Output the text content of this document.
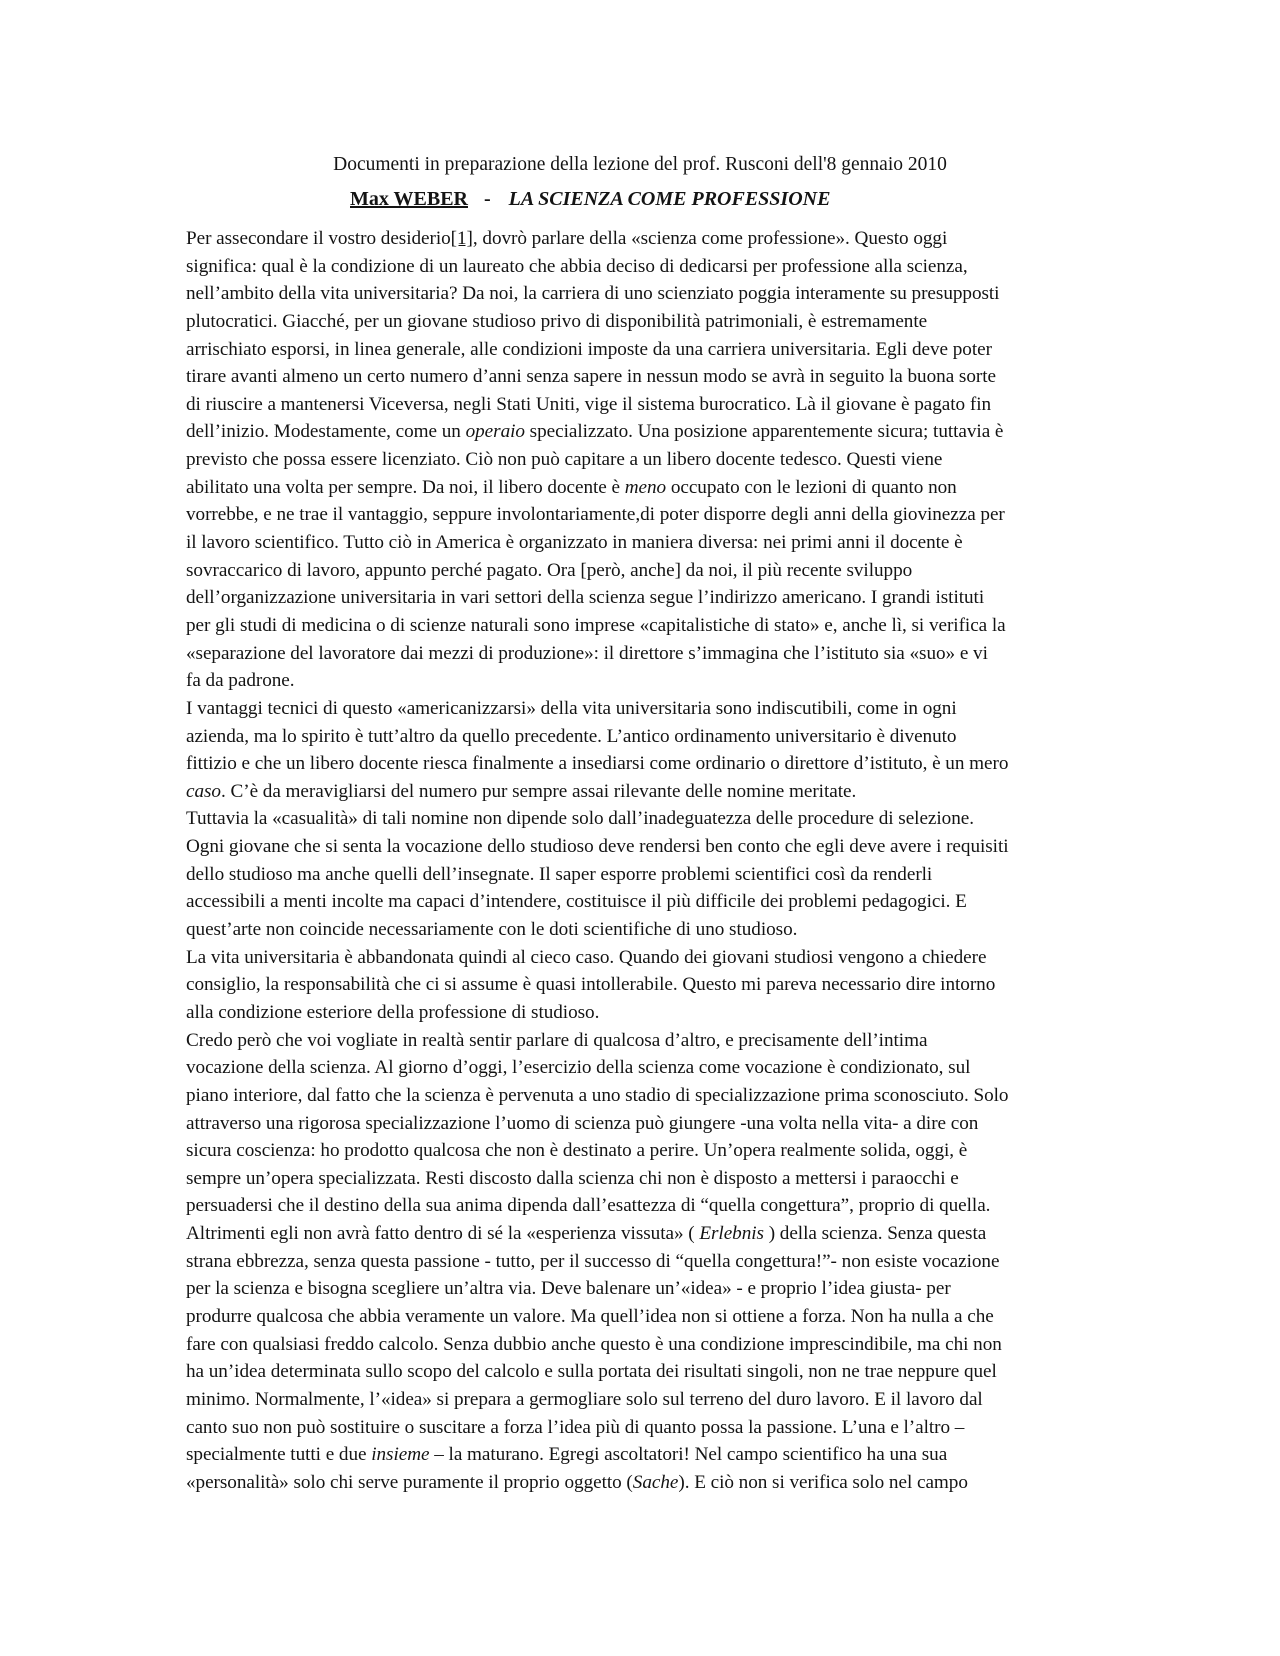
Documenti in preparazione della lezione del prof. Rusconi dell'8 gennaio 2010
Max WEBER - LA SCIENZA COME PROFESSIONE
Per assecondare il vostro desiderio[1], dovrò parlare della «scienza come professione». Questo oggi
significa: qual è la condizione di un laureato che abbia deciso di dedicarsi per professione alla scienza,
nell’ambito della vita universitaria? Da noi, la carriera di uno scienziato poggia interamente su presupposti
plutocratici. Giacché, per un giovane studioso privo di disponibilità patrimoniali, è estremamente
arrischiato esporsi, in linea generale, alle condizioni imposte da una carriera universitaria. Egli deve poter
tirare avanti almeno un certo numero d’anni senza sapere in nessun modo se avrà in seguito la buona sorte
di riuscire a mantenersi Viceversa, negli Stati Uniti, vige il sistema burocratico. Là il giovane è pagato fin
dell’inizio. Modestamente, come un operaio specializzato. Una posizione apparentemente sicura; tuttavia è
previsto che possa essere licenziato. Ciò non può capitare a un libero docente tedesco. Questi viene
abilitato una volta per sempre. Da noi, il libero docente è meno occupato con le lezioni di quanto non
vorrebbe, e ne trae il vantaggio, seppure involontariamente,di poter disporre degli anni della giovinezza per
il lavoro scientifico. Tutto ciò in America è organizzato in maniera diversa: nei primi anni il docente è
sovraccarico di lavoro, appunto perché pagato. Ora [però, anche] da noi, il più recente sviluppo
dell’organizzazione universitaria in vari settori della scienza segue l’indirizzo americano. I grandi istituti
per gli studi di medicina o di scienze naturali sono imprese «capitalistiche di stato» e, anche lì, si verifica la
«separazione del lavoratore dai mezzi di produzione»: il direttore s’immagina che l’istituto sia «suo» e vi
fa da padrone.
I vantaggi tecnici di questo «americanizzarsi» della vita universitaria sono indiscutibili, come in ogni
azienda, ma lo spirito è tutt’altro da quello precedente. L’antico ordinamento universitario è divenuto
fittizio e che un libero docente riesca finalmente a insediarsi come ordinario o direttore d’istituto, è un mero
caso. C’è da meravigliarsi del numero pur sempre assai rilevante delle nomine meritate.
Tuttavia la «casualità» di tali nomine non dipende solo dall’inadeguatezza delle procedure di selezione.
Ogni giovane che si senta la vocazione dello studioso deve rendersi ben conto che egli deve avere i requisiti
dello studioso ma anche quelli dell’insegnate. Il saper esporre problemi scientifici così da renderli
accessibili a menti incolte ma capaci d’intendere, costituisce il più difficile dei problemi pedagogici. E
quest’arte non coincide necessariamente con le doti scientifiche di uno studioso.
La vita universitaria è abbandonata quindi al cieco caso. Quando dei giovani studiosi vengono a chiedere
consiglio, la responsabilità che ci si assume è quasi intollerabile. Questo mi pareva necessario dire intorno
alla condizione esteriore della professione di studioso.
Credo però che voi vogliate in realtà sentir parlare di qualcosa d’altro, e precisamente dell’intima
vocazione della scienza. Al giorno d’oggi, l’esercizio della scienza come vocazione è condizionato, sul
piano interiore, dal fatto che la scienza è pervenuta a uno stadio di specializzazione prima sconosciuto. Solo
attraverso una rigorosa specializzazione l’uomo di scienza può giungere -una volta nella vita- a dire con
sicura coscienza: ho prodotto qualcosa che non è destinato a perire. Un’opera realmente solida, oggi, è
sempre un’opera specializzata. Resti discosto dalla scienza chi non è disposto a mettersi i paraocchi e
persuadersi che il destino della sua anima dipenda dall’esattezza di “quella congettura”, proprio di quella.
Altrimenti egli non avrà fatto dentro di sé la «esperienza vissuta» ( Erlebnis ) della scienza. Senza questa
strana ebbrezza, senza questa passione - tutto, per il successo di “quella congettura!”- non esiste vocazione
per la scienza e bisogna scegliere un’altra via. Deve balenare un’«idea» - e proprio l’idea giusta- per
produrre qualcosa che abbia veramente un valore. Ma quell’idea non si ottiene a forza. Non ha nulla a che
fare con qualsiasi freddo calcolo. Senza dubbio anche questo è una condizione imprescindibile, ma chi non
ha un’idea determinata sullo scopo del calcolo e sulla portata dei risultati singoli, non ne trae neppure quel
minimo. Normalmente, l’«idea» si prepara a germogliare solo sul terreno del duro lavoro. E il lavoro dal
canto suo non può sostituire o suscitare a forza l’idea più di quanto possa la passione. L’una e l’altro –
specialmente tutti e due insieme – la maturano. Egregi ascoltatori! Nel campo scientifico ha una sua
«personalità» solo chi serve puramente il proprio oggetto (Sache). E ciò non si verifica solo nel campo
